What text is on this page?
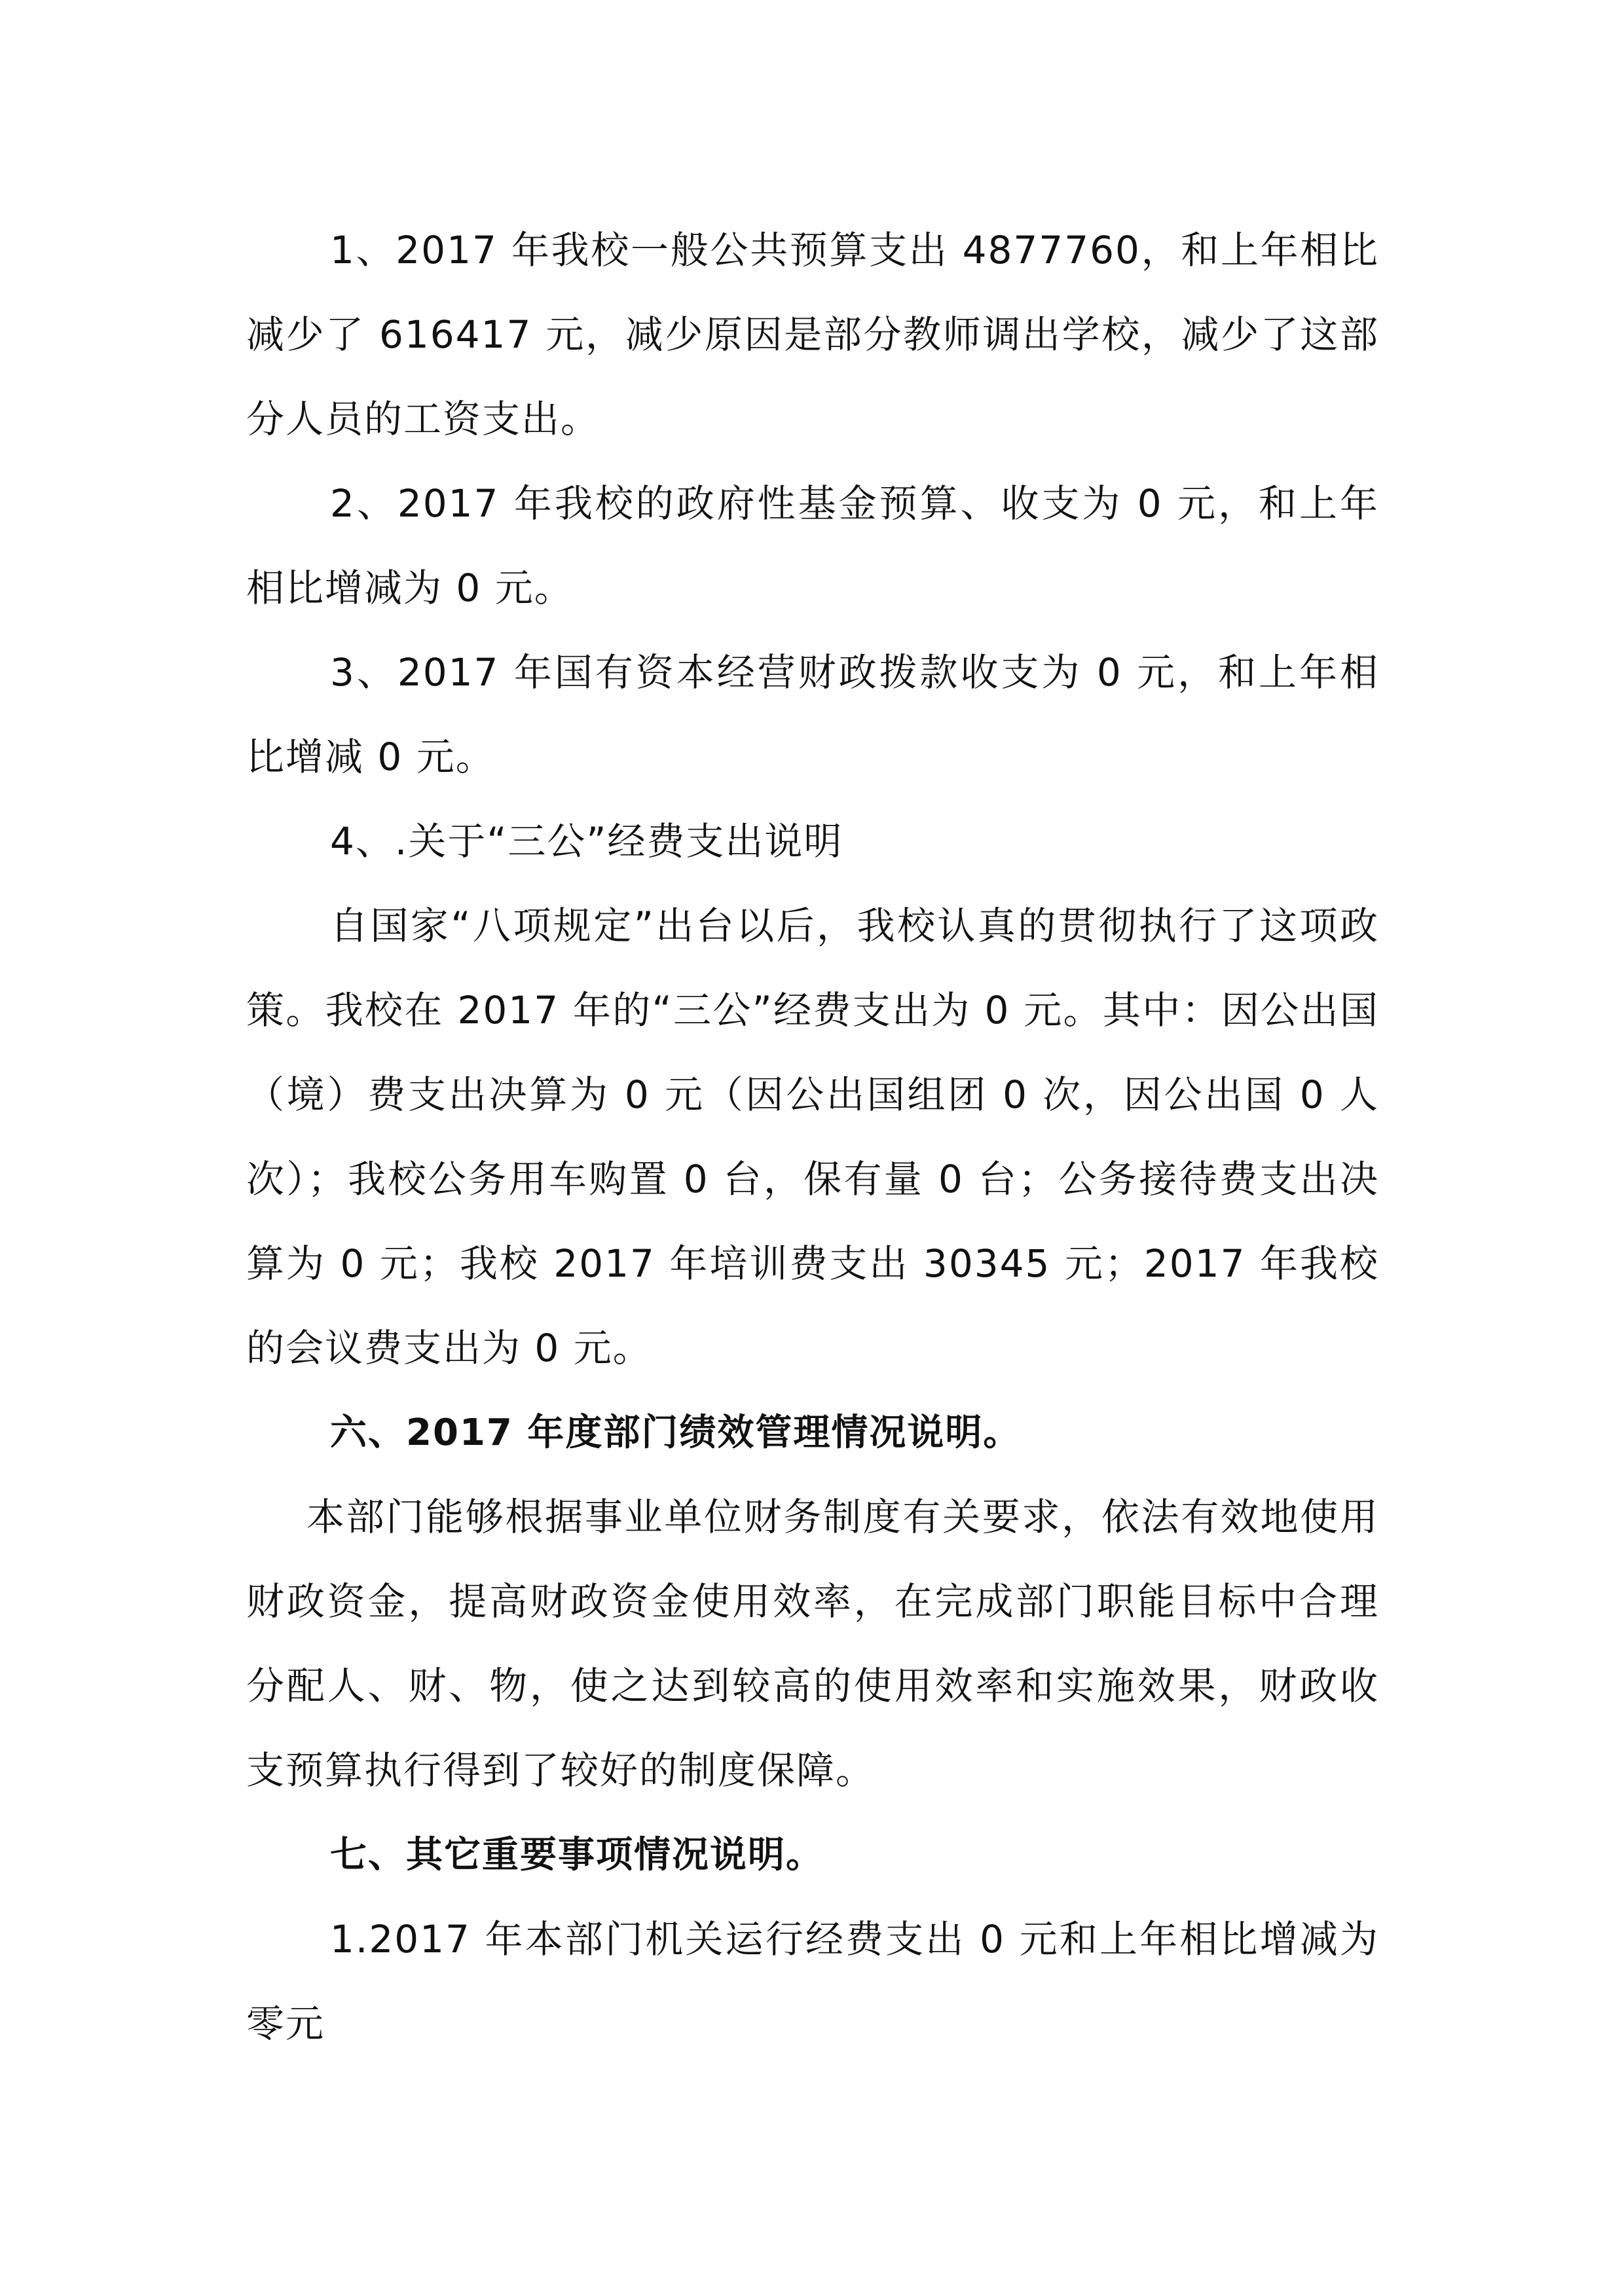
1、2017 年我校一般公共预算支出 4877760，和上年相比减少了 616417 元，减少原因是部分教师调出学校，减少了这部分人员的工资支出。

2、2017 年我校的政府性基金预算、收支为 0 元，和上年相比增减为 0 元。

3、2017 年国有资本经营财政拨款收支为 0 元，和上年相比增减 0 元。

4、.关于“三公”经费支出说明

自国家“八项规定”出台以后，我校认真的贯彻执行了这项政策。我校在 2017 年的“三公”经费支出为 0 元。其中：因公出国（境）费支出决算为 0 元（因公出国组团 0 次，因公出国 0 人次）；我校公务用车购置 0 台，保有量 0 台；公务接待费支出决算为 0 元；我校 2017 年培训费支出 30345 元；2017 年我校的会议费支出为 0 元。

六、2017 年度部门绩效管理情况说明。

本部门能够根据事业单位财务制度有关要求，依法有效地使用财政资金，提高财政资金使用效率，在完成部门职能目标中合理分配人、财、物，使之达到较高的使用效率和实施效果，财政收支预算执行得到了较好的制度保障。

七、其它重要事项情况说明。

1.2017 年本部门机关运行经费支出 0 元和上年相比增减为零元
